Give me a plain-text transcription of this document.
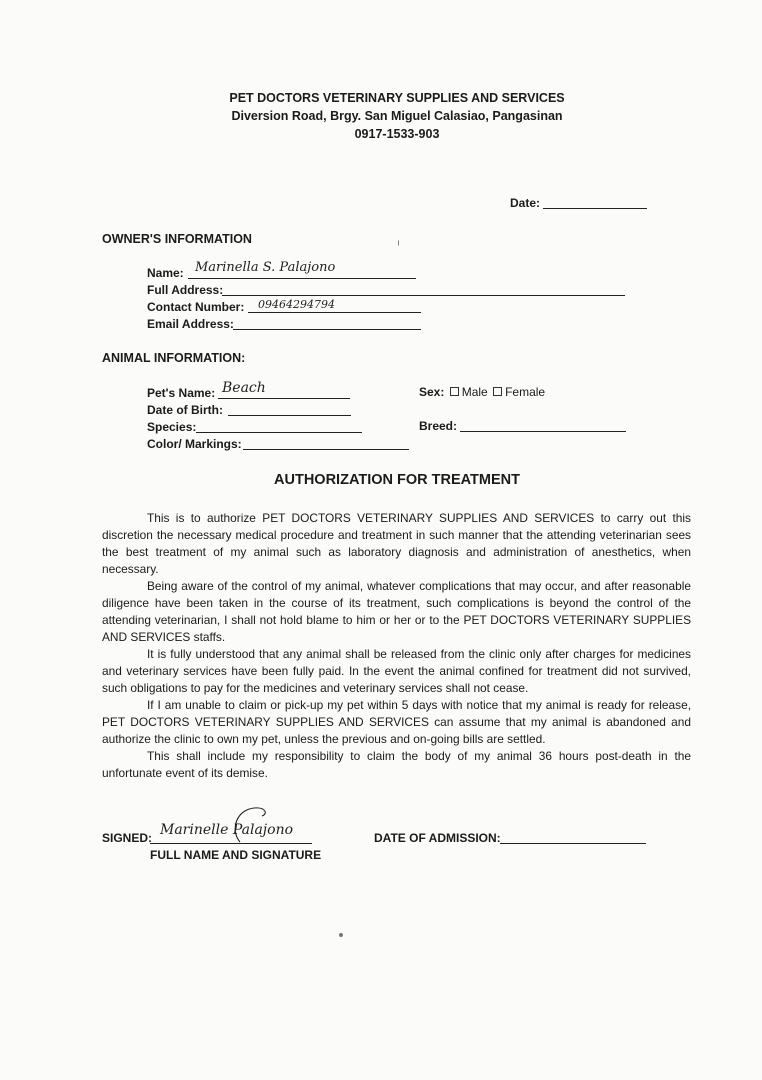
PET DOCTORS VETERINARY SUPPLIES AND SERVICES
Diversion Road, Brgy. San Miguel Calasiao, Pangasinan
0917-1533-903
Date:
OWNER'S INFORMATION
Name: Marinella S. Palajono
Full Address:
Contact Number: 09464294794
Email Address:
ANIMAL INFORMATION:
Pet's Name: Beach
Date of Birth:
Species:
Color/ Markings:
Sex: Male Female
Breed:
AUTHORIZATION FOR TREATMENT

This is to authorize PET DOCTORS VETERINARY SUPPLIES AND SERVICES to carry out this discretion the necessary medical procedure and treatment in such manner that the attending veterinarian sees the best treatment of my animal such as laboratory diagnosis and administration of anesthetics, when necessary.

Being aware of the control of my animal, whatever complications that may occur, and after reasonable diligence have been taken in the course of its treatment, such complications is beyond the control of the attending veterinarian, I shall not hold blame to him or her or to the PET DOCTORS VETERINARY SUPPLIES AND SERVICES staffs.

It is fully understood that any animal shall be released from the clinic only after charges for medicines and veterinary services have been fully paid. In the event the animal confined for treatment did not survived, such obligations to pay for the medicines and veterinary services shall not cease.

If I am unable to claim or pick-up my pet within 5 days with notice that my animal is ready for release, PET DOCTORS VETERINARY SUPPLIES AND SERVICES can assume that my animal is abandoned and authorize the clinic to own my pet, unless the previous and on-going bills are settled.

This shall include my responsibility to claim the body of my animal 36 hours post-death in the unfortunate event of its demise.

SIGNED: Marinelle Palajono
FULL NAME AND SIGNATURE
DATE OF ADMISSION:
